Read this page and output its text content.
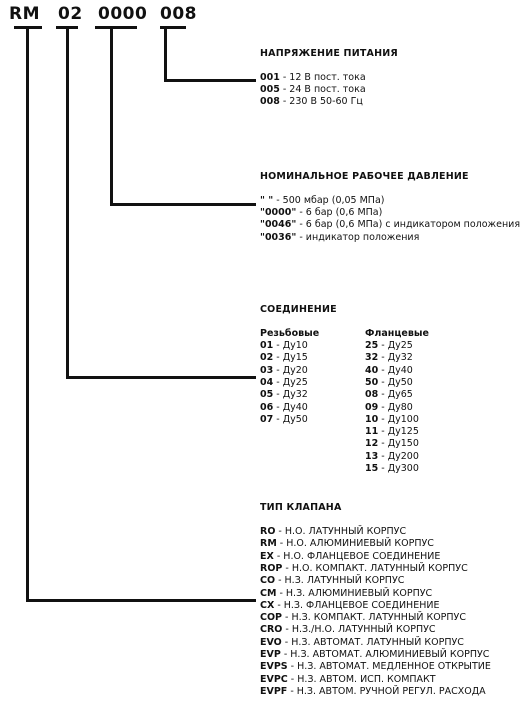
RM 02 0000 008
НАПРЯЖЕНИЕ ПИТАНИЯ
001 - 12 В пост. тока
005 - 24 В пост. тока
008 - 230 В 50-60 Гц
НОМИНАЛЬНОЕ РАБОЧЕЕ ДАВЛЕНИЕ
" " - 500 мбар (0,05 МПа)
"0000" - 6 бар (0,6 МПа)
"0046" - 6 бар (0,6 МПа) с индикатором положения
"0036" - индикатор положения
СОЕДИНЕНИЕ
Резьбовые	Фланцевые
01 - Ду10
02 - Ду15
03 - Ду20
04 - Ду25
05 - Ду32
06 - Ду40
07 - Ду50
25 - Ду25
32 - Ду32
40 - Ду40
50 - Ду50
08 - Ду65
09 - Ду80
10 - Ду100
11 - Ду125
12 - Ду150
13 - Ду200
15 - Ду300
ТИП КЛАПАНА
RO - Н.О. ЛАТУННЫЙ КОРПУС
RM - Н.О. АЛЮМИНИЕВЫЙ КОРПУС
EX - Н.О. ФЛАНЦЕВОЕ СОЕДИНЕНИЕ
ROP - Н.О. КОМПАКТ. ЛАТУННЫЙ КОРПУС
CO - Н.З. ЛАТУННЫЙ КОРПУС
CM - Н.З. АЛЮМИНИЕВЫЙ КОРПУС
CX - Н.З. ФЛАНЦЕВОЕ СОЕДИНЕНИЕ
COP - Н.З. КОМПАКТ. ЛАТУННЫЙ КОРПУС
CRO - Н.З./Н.О. ЛАТУННЫЙ КОРПУС
EVO - Н.З. АВТОМАТ. ЛАТУННЫЙ КОРПУС
EVP - Н.З. АВТОМАТ. АЛЮМИНИЕВЫЙ КОРПУС
EVPS - Н.З. АВТОМАТ. МЕДЛЕННОЕ ОТКРЫТИЕ
EVPC - Н.З. АВТОМ. ИСП. КОМПАКТ
EVPF - Н.З. АВТОМ. РУЧНОЙ РЕГУЛ. РАСХОДА
